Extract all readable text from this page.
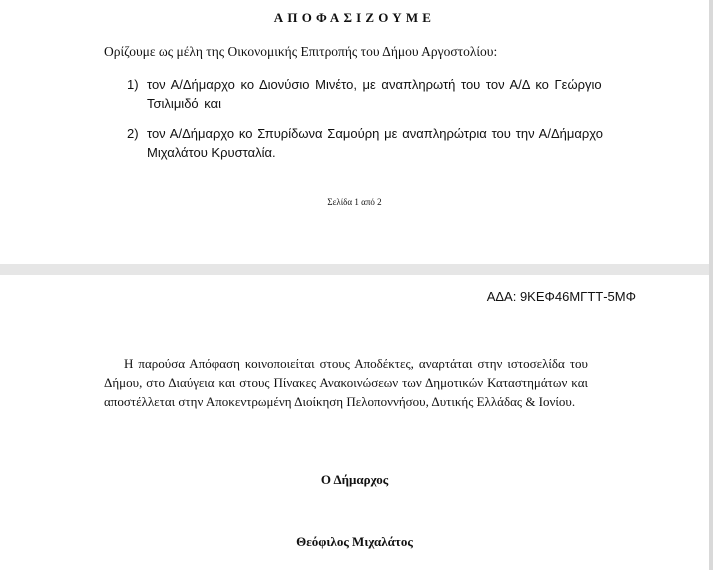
ΑΠΟΦΑΣΙΖΟΥΜΕ
Ορίζουμε ως μέλη της Οικονομικής Επιτροπής του Δήμου Αργοστολίου:
1) τον Α/Δήμαρχο κο Διονύσιο Μινέτο, με αναπληρωτή του τον Α/Δ κο Γεώργιο Τσιλιμιδό και
2) τον Α/Δήμαρχο κο Σπυρίδωνα Σαμούρη με αναπληρώτρια του την Α/Δήμαρχο Μιχαλάτου Κρυσταλία.
Σελίδα 1 από 2
ΑΔΑ: 9ΚΕΦ46ΜΓΤΤ-5ΜΦ
Η παρούσα Απόφαση κοινοποιείται στους Αποδέκτες, αναρτάται στην ιστοσελίδα του Δήμου, στο Διαύγεια και στους Πίνακες Ανακοινώσεων των Δημοτικών Καταστημάτων και αποστέλλεται στην Αποκεντρωμένη Διοίκηση Πελοποννήσου, Δυτικής Ελλάδας & Ιονίου.
Ο Δήμαρχος
Θεόφιλος Μιχαλάτος
